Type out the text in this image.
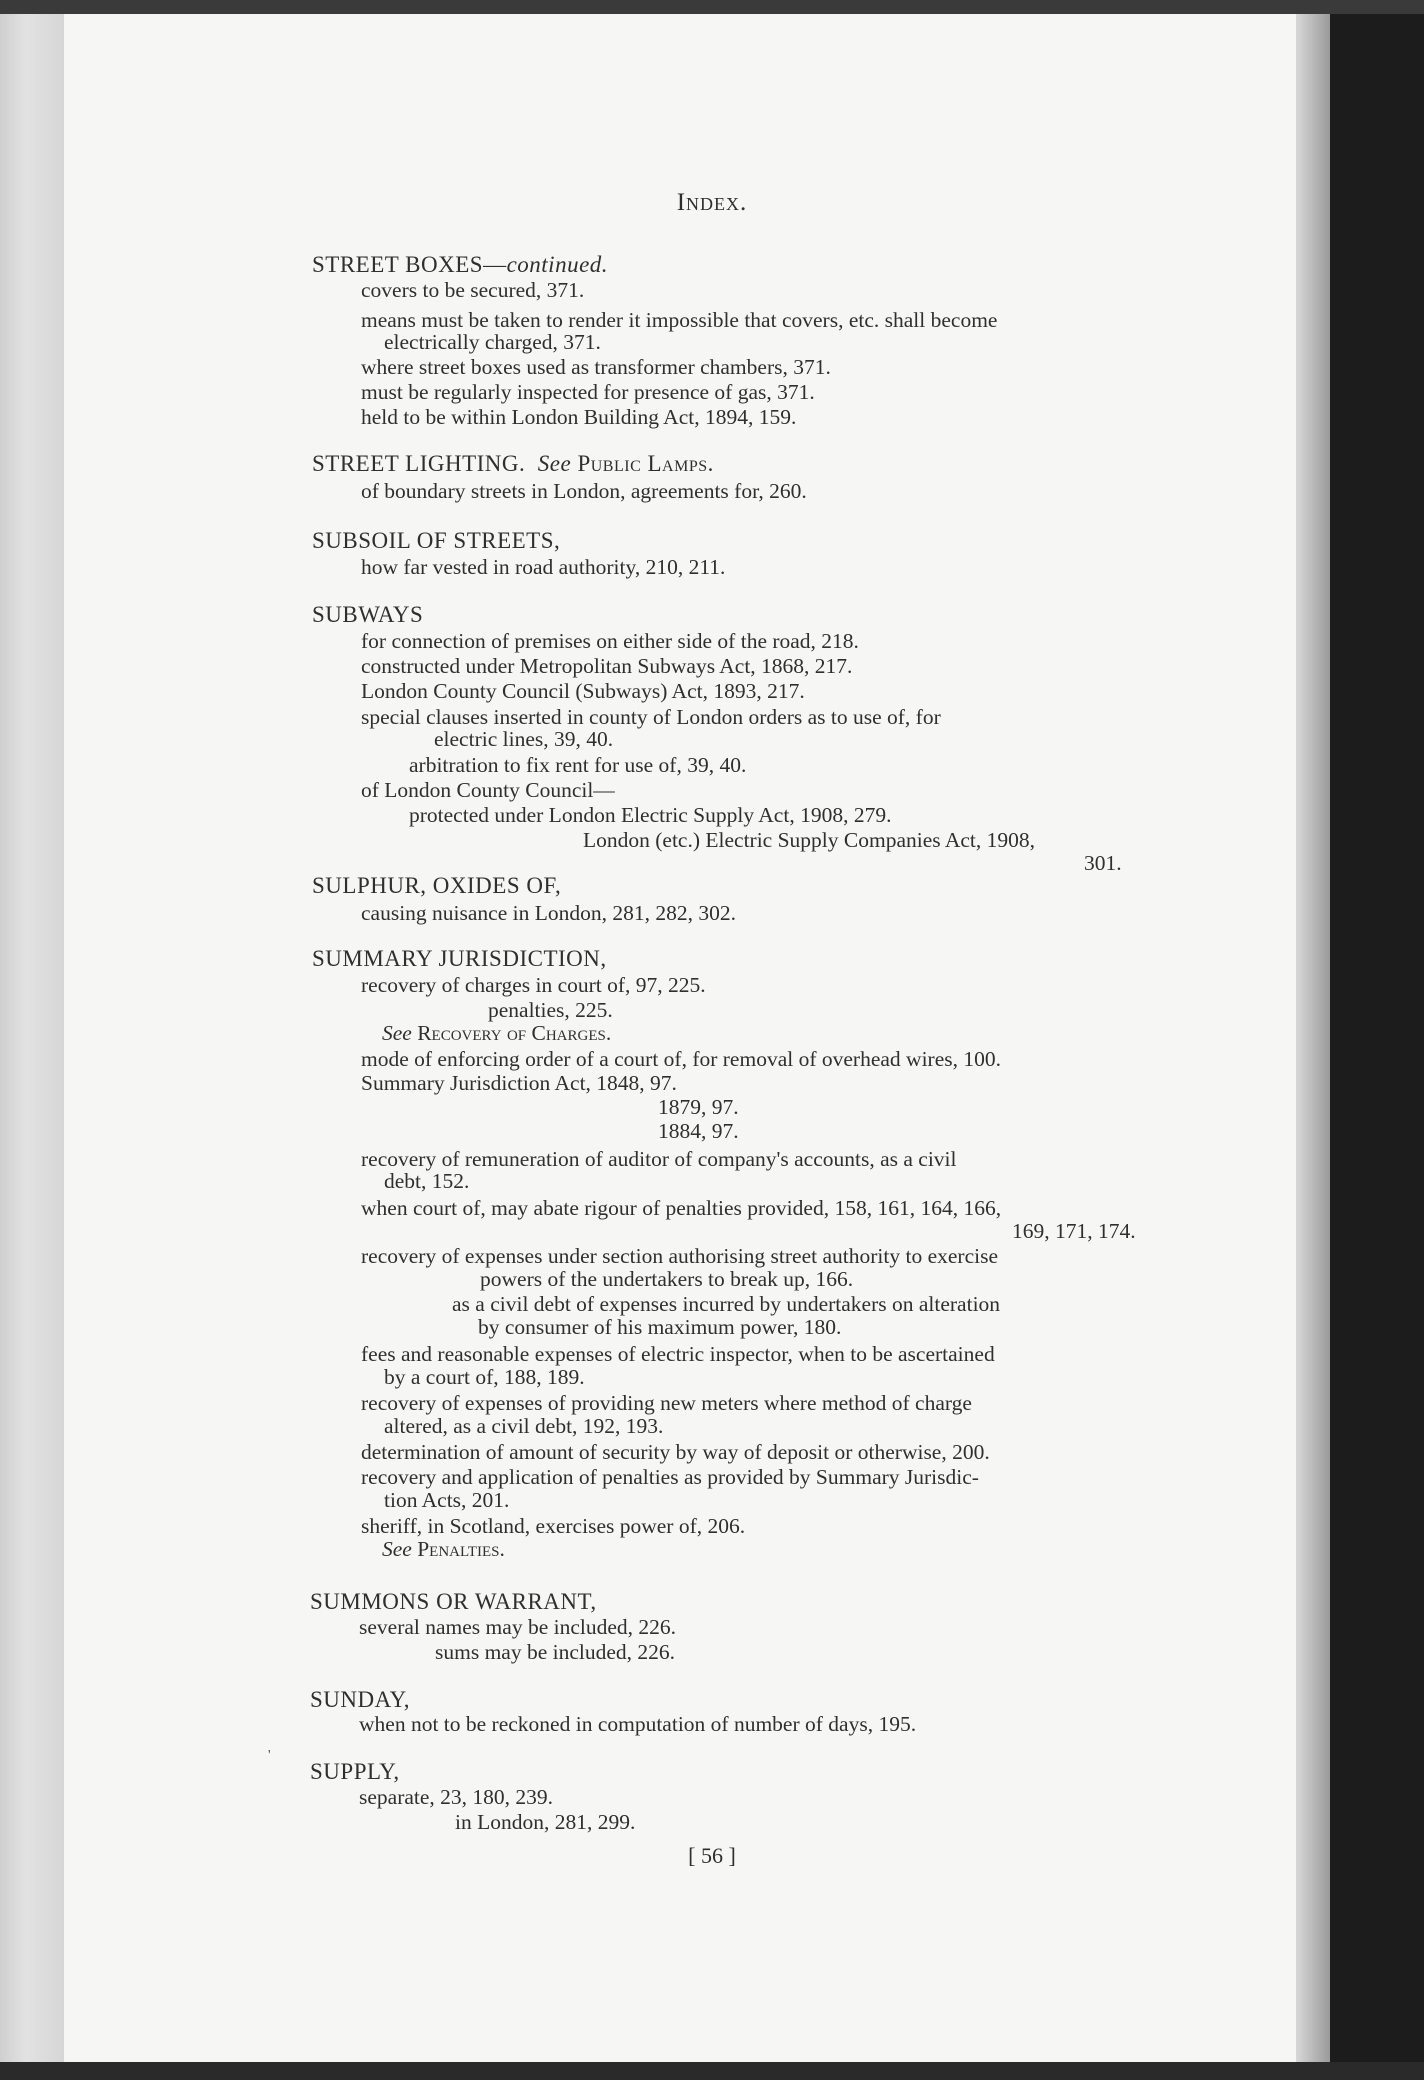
Index.
STREET BOXES—continued.
covers to be secured, 371.
means must be taken to render it impossible that covers, etc. shall become
electrically charged, 371.
where street boxes used as transformer chambers, 371.
must be regularly inspected for presence of gas, 371.
held to be within London Building Act, 1894, 159.
STREET LIGHTING. See Public Lamps.
of boundary streets in London, agreements for, 260.
SUBSOIL OF STREETS,
how far vested in road authority, 210, 211.
SUBWAYS
for connection of premises on either side of the road, 218.
constructed under Metropolitan Subways Act, 1868, 217.
London County Council (Subways) Act, 1893, 217.
special clauses inserted in county of London orders as to use of, for
electric lines, 39, 40.
arbitration to fix rent for use of, 39, 40.
of London County Council—
protected under London Electric Supply Act, 1908, 279.
London (etc.) Electric Supply Companies Act, 1908,
301.
SULPHUR, OXIDES OF,
causing nuisance in London, 281, 282, 302.
SUMMARY JURISDICTION,
recovery of charges in court of, 97, 225.
penalties, 225.
See Recovery of Charges.
mode of enforcing order of a court of, for removal of overhead wires, 100.
Summary Jurisdiction Act, 1848, 97.
1879, 97.
1884, 97.
recovery of remuneration of auditor of company's accounts, as a civil
debt, 152.
when court of, may abate rigour of penalties provided, 158, 161, 164, 166,
169, 171, 174.
recovery of expenses under section authorising street authority to exercise
powers of the undertakers to break up, 166.
as a civil debt of expenses incurred by undertakers on alteration
by consumer of his maximum power, 180.
fees and reasonable expenses of electric inspector, when to be ascertained
by a court of, 188, 189.
recovery of expenses of providing new meters where method of charge
altered, as a civil debt, 192, 193.
determination of amount of security by way of deposit or otherwise, 200.
recovery and application of penalties as provided by Summary Jurisdic-
tion Acts, 201.
sheriff, in Scotland, exercises power of, 206.
See Penalties.
SUMMONS OR WARRANT,
several names may be included, 226.
sums may be included, 226.
SUNDAY,
when not to be reckoned in computation of number of days, 195.
'
SUPPLY,
separate, 23, 180, 239.
in London, 281, 299.
[ 56 ]
